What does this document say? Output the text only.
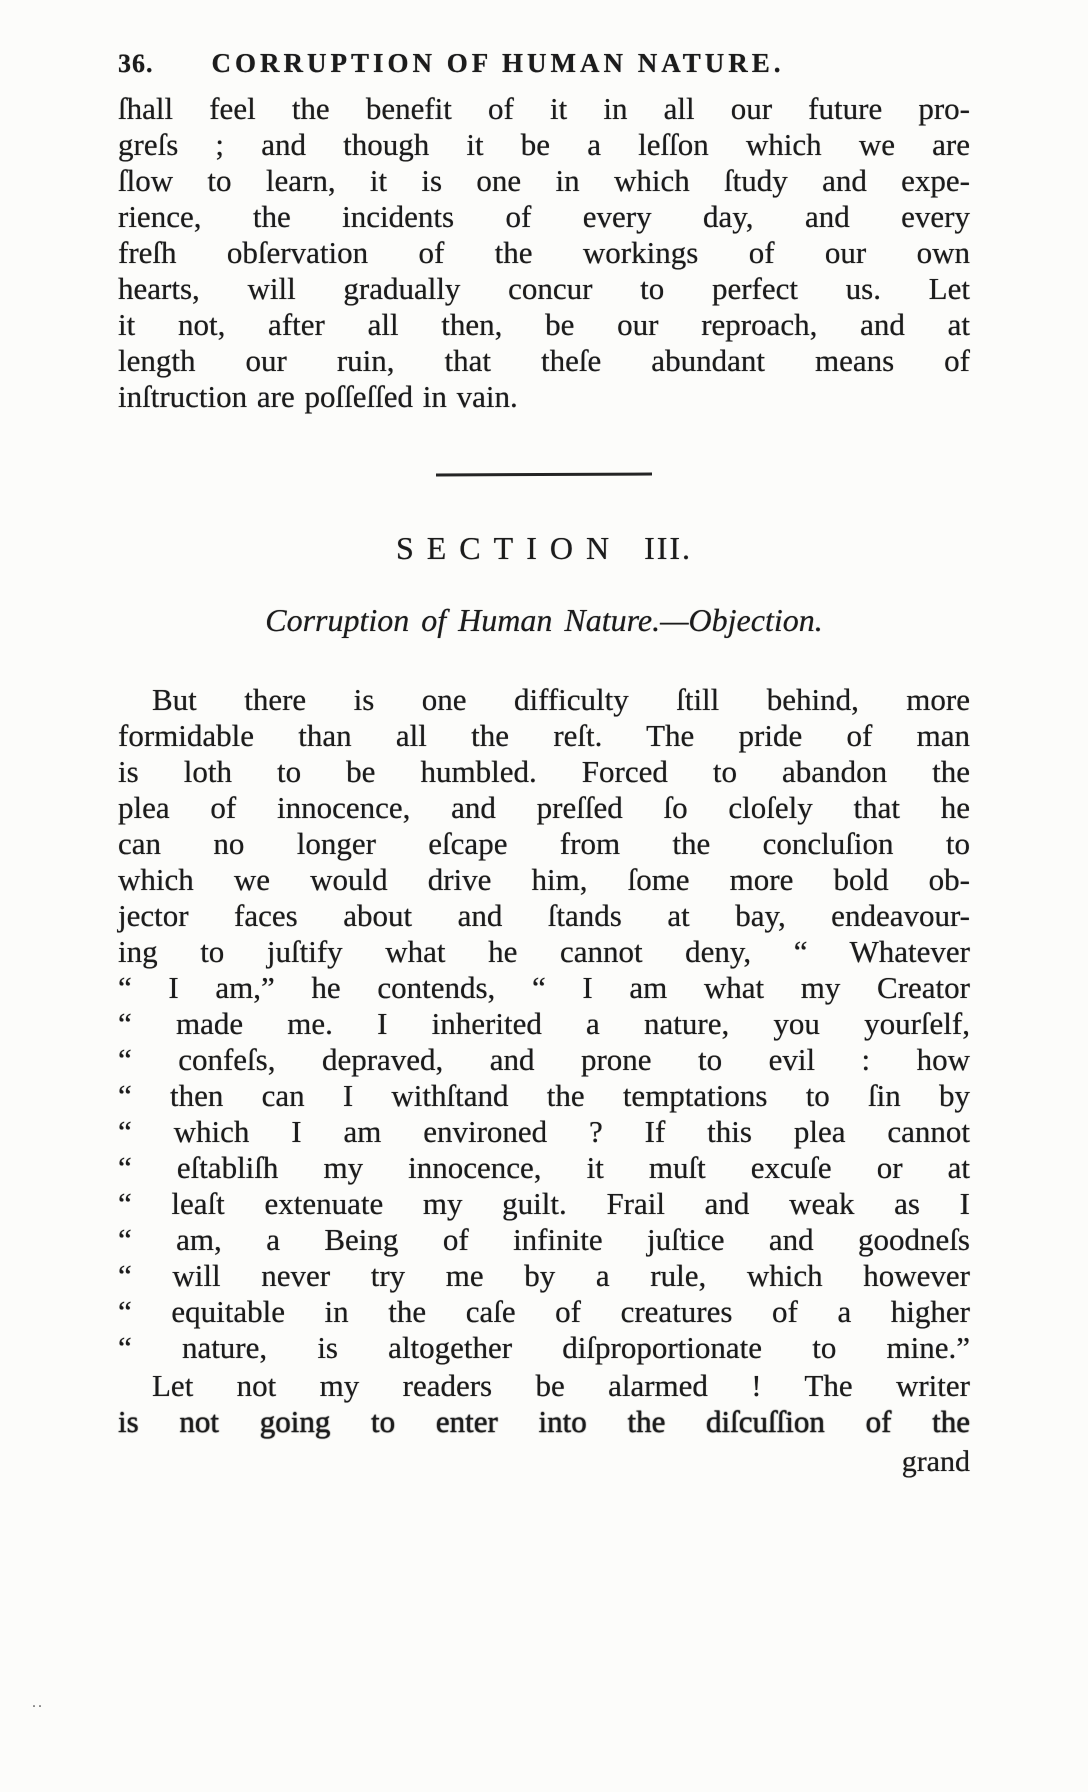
36. CORRUPTION OF HUMAN NATURE.
ſhall feel the benefit of it in all our future pro-
greſs ; and though it be a leſſon which we are
ſlow to learn, it is one in which ſtudy and expe-
rience, the incidents of every day, and every
freſh obſervation of the workings of our own
hearts, will gradually concur to perfect us. Let
it not, after all then, be our reproach, and at
length our ruin, that theſe abundant means of
inſtruction are poſſeſſed in vain.
SECTION III.
Corruption of Human Nature.—Objection.
But there is one difficulty ſtill behind, more
formidable than all the reſt. The pride of man
is loth to be humbled. Forced to abandon the
plea of innocence, and preſſed ſo cloſely that he
can no longer eſcape from the concluſion to
which we would drive him, ſome more bold ob-
jector faces about and ſtands at bay, endeavour-
ing to juſtify what he cannot deny, “ Whatever
“ I am,” he contends, “ I am what my Creator
“ made me. I inherited a nature, you yourſelf,
“ confeſs, depraved, and prone to evil : how
“ then can I withſtand the temptations to ſin by
“ which I am environed ? If this plea cannot
“ eſtabliſh my innocence, it muſt excuſe or at
“ leaſt extenuate my guilt. Frail and weak as I
“ am, a Being of infinite juſtice and goodneſs
“ will never try me by a rule, which however
“ equitable in the caſe of creatures of a higher
“ nature, is altogether diſproportionate to mine.”
Let not my readers be alarmed ! The writer
is not going to enter into the diſcuſſion of the
grand
..
